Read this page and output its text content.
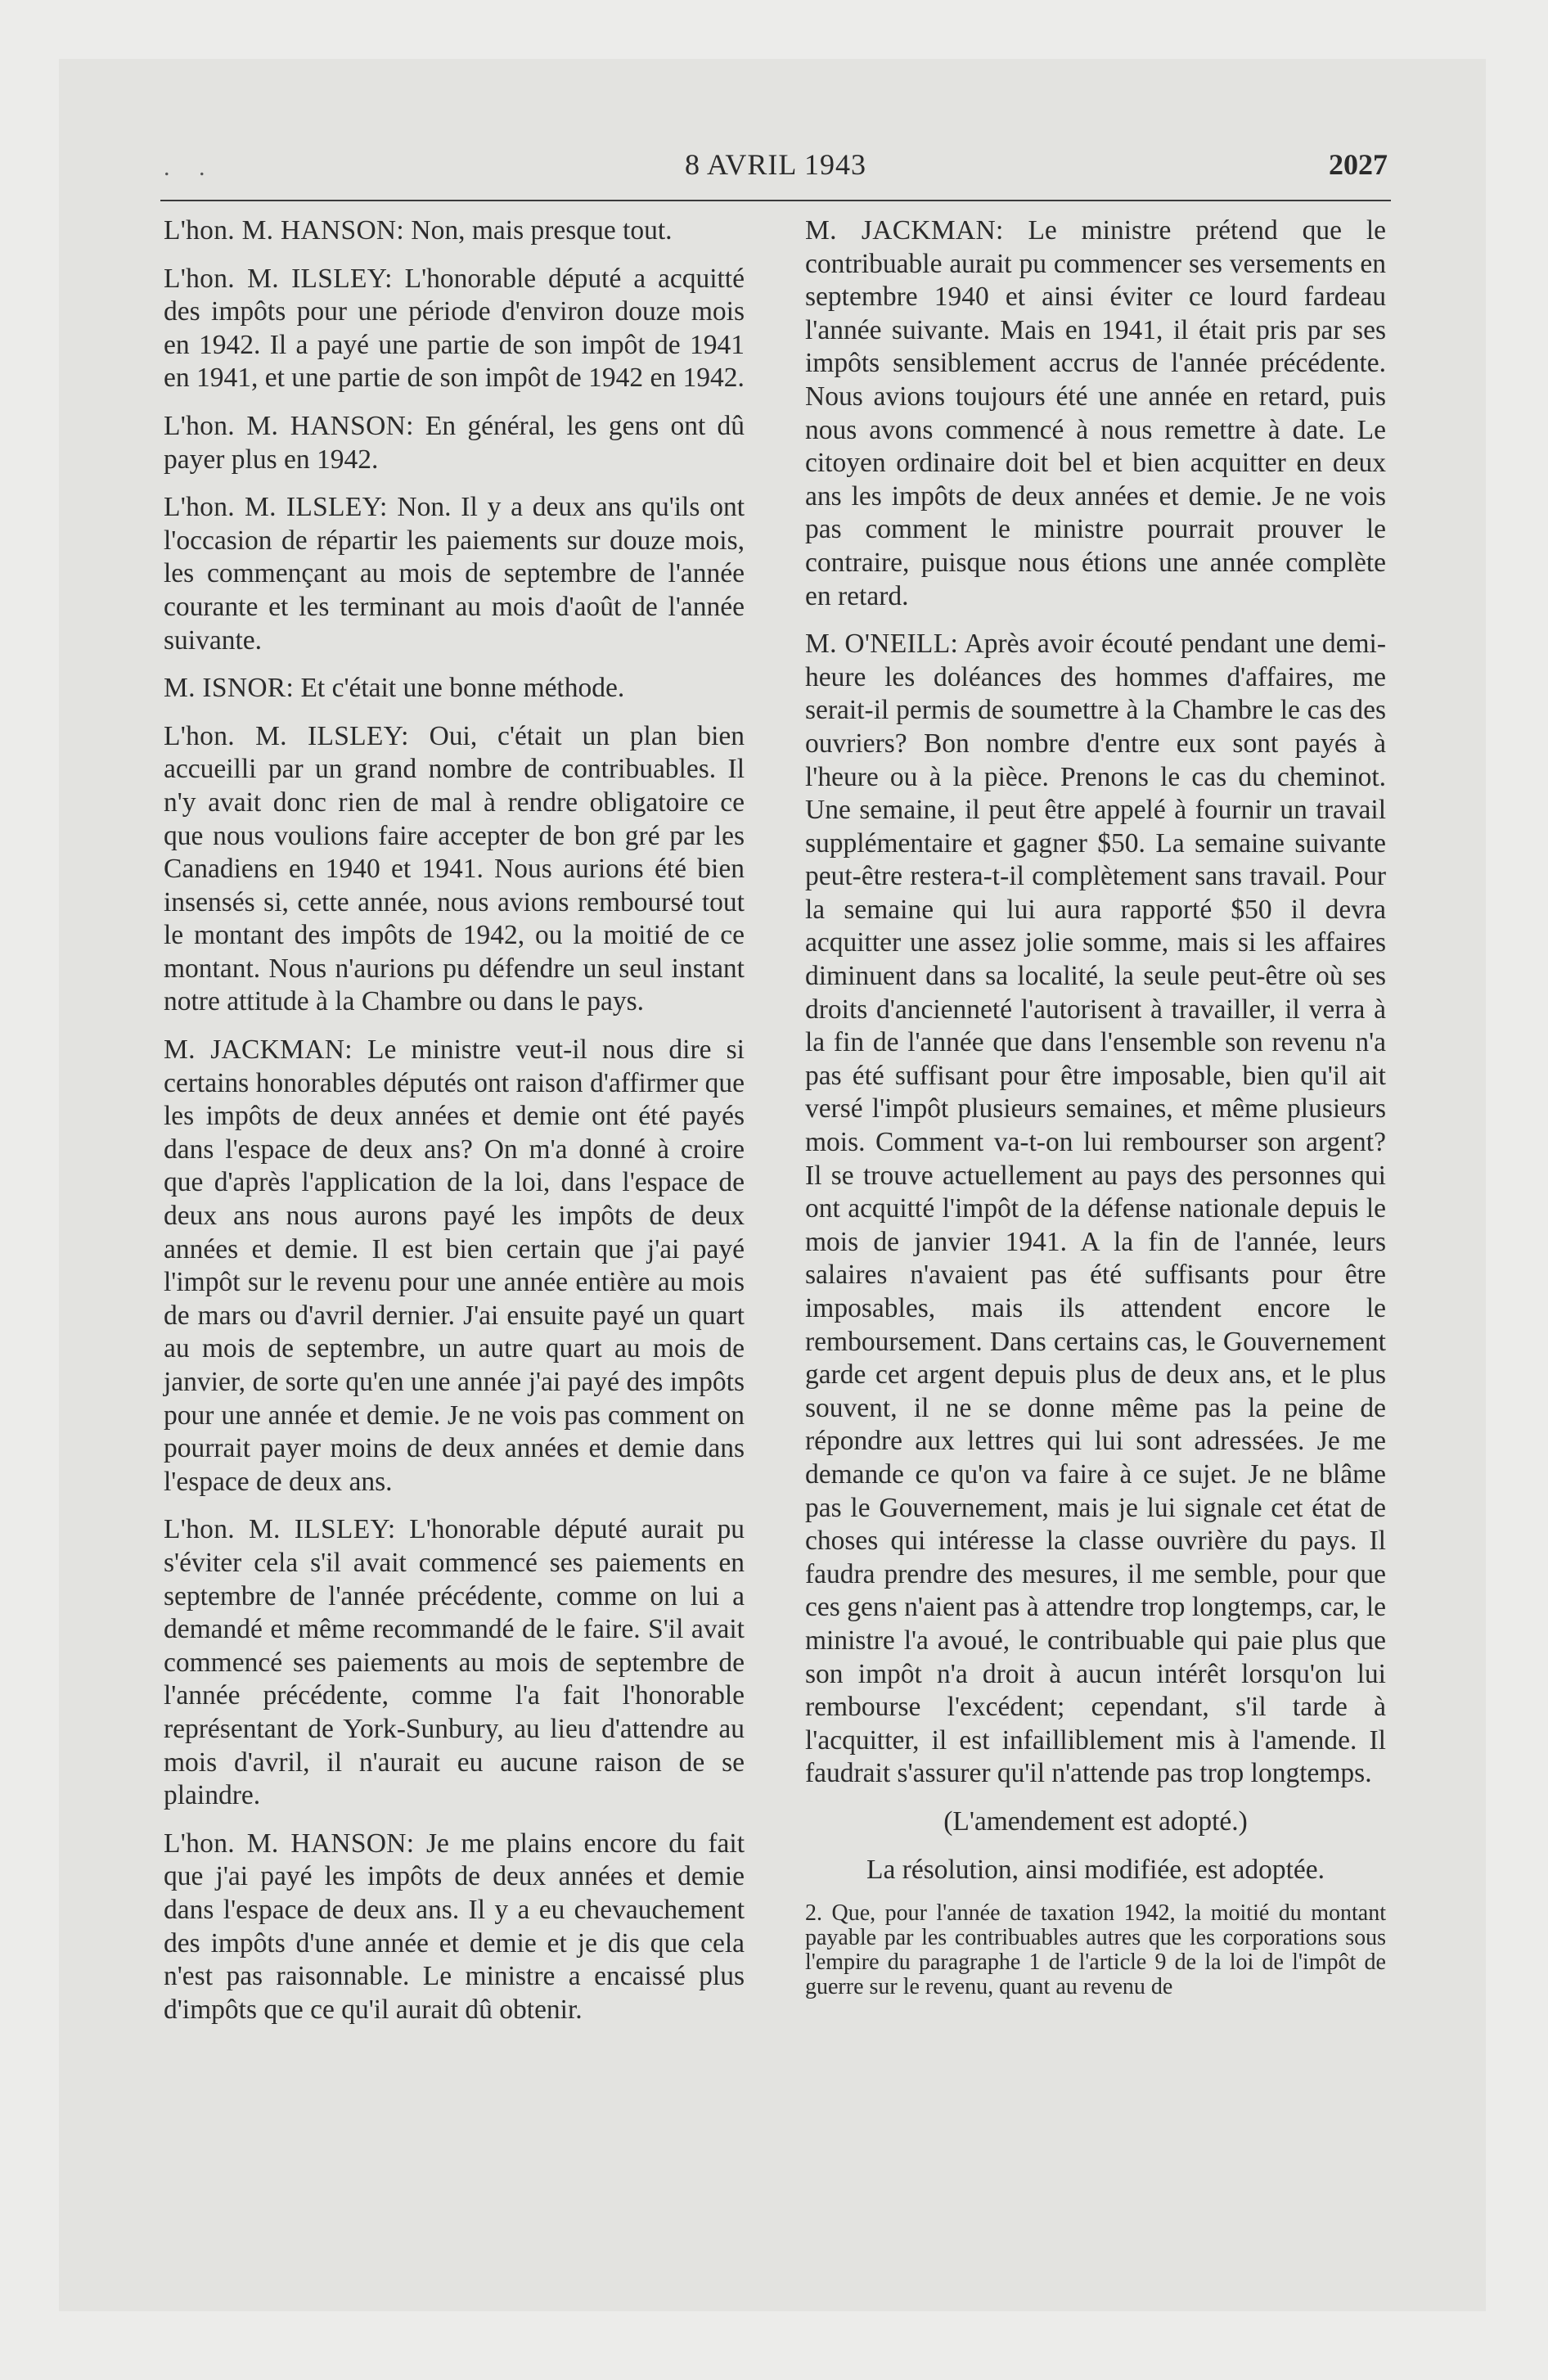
. .	8 AVRIL 1943	2027

L'hon. M. HANSON: Non, mais presque tout.

L'hon. M. ILSLEY: L'honorable député a acquitté des impôts pour une période d'environ douze mois en 1942. Il a payé une partie de son impôt de 1941 en 1941, et une partie de son impôt de 1942 en 1942.

L'hon. M. HANSON: En général, les gens ont dû payer plus en 1942.

L'hon. M. ILSLEY: Non. Il y a deux ans qu'ils ont l'occasion de répartir les paiements sur douze mois, les commençant au mois de septembre de l'année courante et les terminant au mois d'août de l'année suivante.

M. ISNOR: Et c'était une bonne méthode.

L'hon. M. ILSLEY: Oui, c'était un plan bien accueilli par un grand nombre de contribuables. Il n'y avait donc rien de mal à rendre obligatoire ce que nous voulions faire accepter de bon gré par les Canadiens en 1940 et 1941. Nous aurions été bien insensés si, cette année, nous avions remboursé tout le montant des impôts de 1942, ou la moitié de ce montant. Nous n'aurions pu défendre un seul instant notre attitude à la Chambre ou dans le pays.

M. JACKMAN: Le ministre veut-il nous dire si certains honorables députés ont raison d'affirmer que les impôts de deux années et demie ont été payés dans l'espace de deux ans? On m'a donné à croire que d'après l'application de la loi, dans l'espace de deux ans nous aurons payé les impôts de deux années et demie. Il est bien certain que j'ai payé l'impôt sur le revenu pour une année entière au mois de mars ou d'avril dernier. J'ai ensuite payé un quart au mois de septembre, un autre quart au mois de janvier, de sorte qu'en une année j'ai payé des impôts pour une année et demie. Je ne vois pas comment on pourrait payer moins de deux années et demie dans l'espace de deux ans.

L'hon. M. ILSLEY: L'honorable député aurait pu s'éviter cela s'il avait commencé ses paiements en septembre de l'année précédente, comme on lui a demandé et même recommandé de le faire. S'il avait commencé ses paiements au mois de septembre de l'année précédente, comme l'a fait l'honorable représentant de York-Sunbury, au lieu d'attendre au mois d'avril, il n'aurait eu aucune raison de se plaindre.

L'hon. M. HANSON: Je me plains encore du fait que j'ai payé les impôts de deux années et demie dans l'espace de deux ans. Il y a eu chevauchement des impôts d'une année et demie et je dis que cela n'est pas raisonnable. Le ministre a encaissé plus d'impôts que ce qu'il aurait dû obtenir.

M. JACKMAN: Le ministre prétend que le contribuable aurait pu commencer ses versements en septembre 1940 et ainsi éviter ce lourd fardeau l'année suivante. Mais en 1941, il était pris par ses impôts sensiblement accrus de l'année précédente. Nous avions toujours été une année en retard, puis nous avons commencé à nous remettre à date. Le citoyen ordinaire doit bel et bien acquitter en deux ans les impôts de deux années et demie. Je ne vois pas comment le ministre pourrait prouver le contraire, puisque nous étions une année complète en retard.

M. O'NEILL: Après avoir écouté pendant une demi-heure les doléances des hommes d'affaires, me serait-il permis de soumettre à la Chambre le cas des ouvriers? Bon nombre d'entre eux sont payés à l'heure ou à la pièce. Prenons le cas du cheminot. Une semaine, il peut être appelé à fournir un travail supplémentaire et gagner $50. La semaine suivante peut-être restera-t-il complètement sans travail. Pour la semaine qui lui aura rapporté $50 il devra acquitter une assez jolie somme, mais si les affaires diminuent dans sa localité, la seule peut-être où ses droits d'ancienneté l'autorisent à travailler, il verra à la fin de l'année que dans l'ensemble son revenu n'a pas été suffisant pour être imposable, bien qu'il ait versé l'impôt plusieurs semaines, et même plusieurs mois. Comment va-t-on lui rembourser son argent? Il se trouve actuellement au pays des personnes qui ont acquitté l'impôt de la défense nationale depuis le mois de janvier 1941. A la fin de l'année, leurs salaires n'avaient pas été suffisants pour être imposables, mais ils attendent encore le remboursement. Dans certains cas, le Gouvernement garde cet argent depuis plus de deux ans, et le plus souvent, il ne se donne même pas la peine de répondre aux lettres qui lui sont adressées. Je me demande ce qu'on va faire à ce sujet. Je ne blâme pas le Gouvernement, mais je lui signale cet état de choses qui intéresse la classe ouvrière du pays. Il faudra prendre des mesures, il me semble, pour que ces gens n'aient pas à attendre trop longtemps, car, le ministre l'a avoué, le contribuable qui paie plus que son impôt n'a droit à aucun intérêt lorsqu'on lui rembourse l'excédent; cependant, s'il tarde à l'acquitter, il est infailliblement mis à l'amende. Il faudrait s'assurer qu'il n'attende pas trop longtemps.

(L'amendement est adopté.)

La résolution, ainsi modifiée, est adoptée.

2. Que, pour l'année de taxation 1942, la moitié du montant payable par les contribuables autres que les corporations sous l'empire du paragraphe 1 de l'article 9 de la loi de l'impôt de guerre sur le revenu, quant au revenu de
